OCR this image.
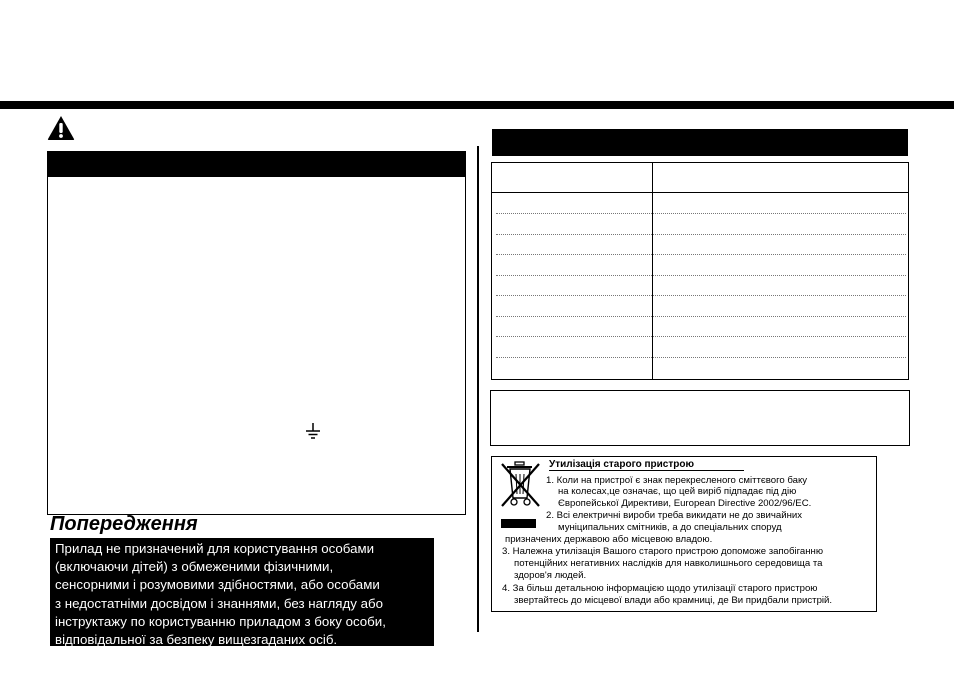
Попередження
Прилад не призначений для користування особами
(включаючи дітей) з обмеженими фізичними,
сенсорними і розумовими здібностями, або особами
з недостатніми досвідом і знаннями, без нагляду або
інструктажу по користуванню приладом з боку особи,
відповідальної за безпеку вищезгаданих осіб.
Утилізація старого пристрою
1. Коли на пристрої є знак перекресленого сміттєвого баку
на колесах,це означає, що цей виріб підпадає під дію
Європейської Директиви, European Directive 2002/96/EC.
2. Всі електричні вироби треба викидати не до звичайних
муніципальних смітників, а до спеціальних споруд
призначених державою або місцевою владою.
3. Належна утилізація Вашого старого пристрою допоможе запобіганню
потенційних негативних наслідків для навколишнього середовища та
здоров'я людей.
4. За більш детальною інформацією щодо утилізації старого пристрою
звертайтесь до місцевої влади або крамниці, де Ви придбали пристрій.
